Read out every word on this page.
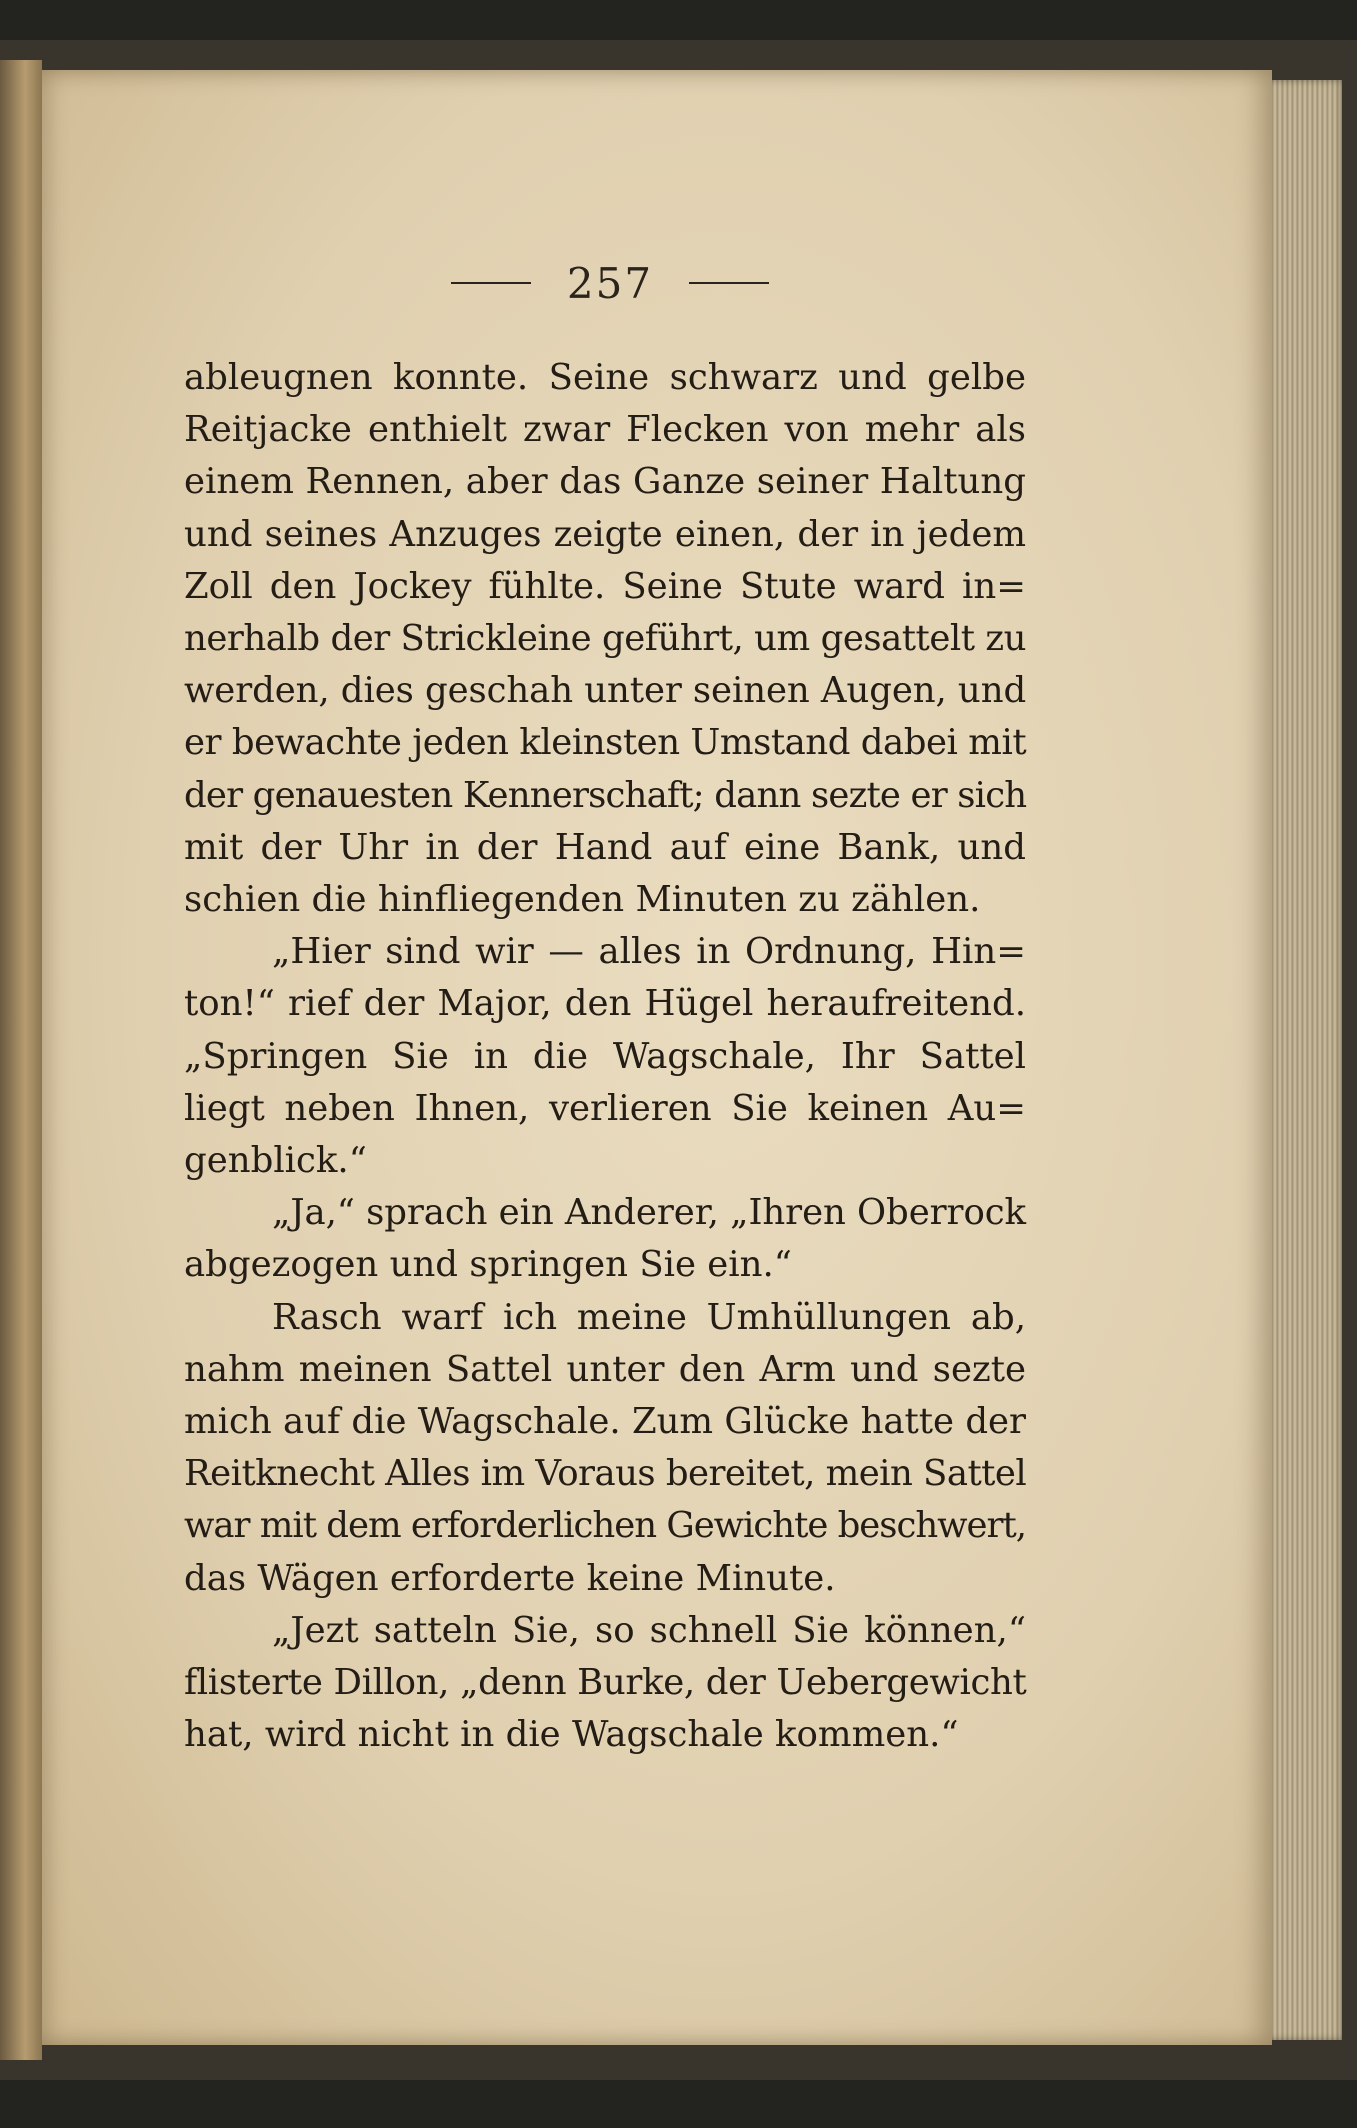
257

ableugnen konnte. Seine schwarz und gelbe
Reitjacke enthielt zwar Flecken von mehr als
einem Rennen, aber das Ganze seiner Haltung
und seines Anzuges zeigte einen, der in jedem
Zoll den Jockey fühlte. Seine Stute ward in=
nerhalb der Strickleine geführt, um gesattelt zu
werden, dies geschah unter seinen Augen, und
er bewachte jeden kleinsten Umstand dabei mit
der genauesten Kennerschaft; dann sezte er sich
mit der Uhr in der Hand auf eine Bank, und
schien die hinfliegenden Minuten zu zählen.

„Hier sind wir — alles in Ordnung, Hin=
ton!“ rief der Major, den Hügel heraufreitend.
„Springen Sie in die Wagschale, Ihr Sattel
liegt neben Ihnen, verlieren Sie keinen Au=
genblick.“

„Ja,“ sprach ein Anderer, „Ihren Oberrock
abgezogen und springen Sie ein.“

Rasch warf ich meine Umhüllungen ab,
nahm meinen Sattel unter den Arm und sezte
mich auf die Wagschale. Zum Glücke hatte der
Reitknecht Alles im Voraus bereitet, mein Sattel
war mit dem erforderlichen Gewichte beschwert,
das Wägen erforderte keine Minute.

„Jezt satteln Sie, so schnell Sie können,“
flisterte Dillon, „denn Burke, der Uebergewicht
hat, wird nicht in die Wagschale kommen.“
